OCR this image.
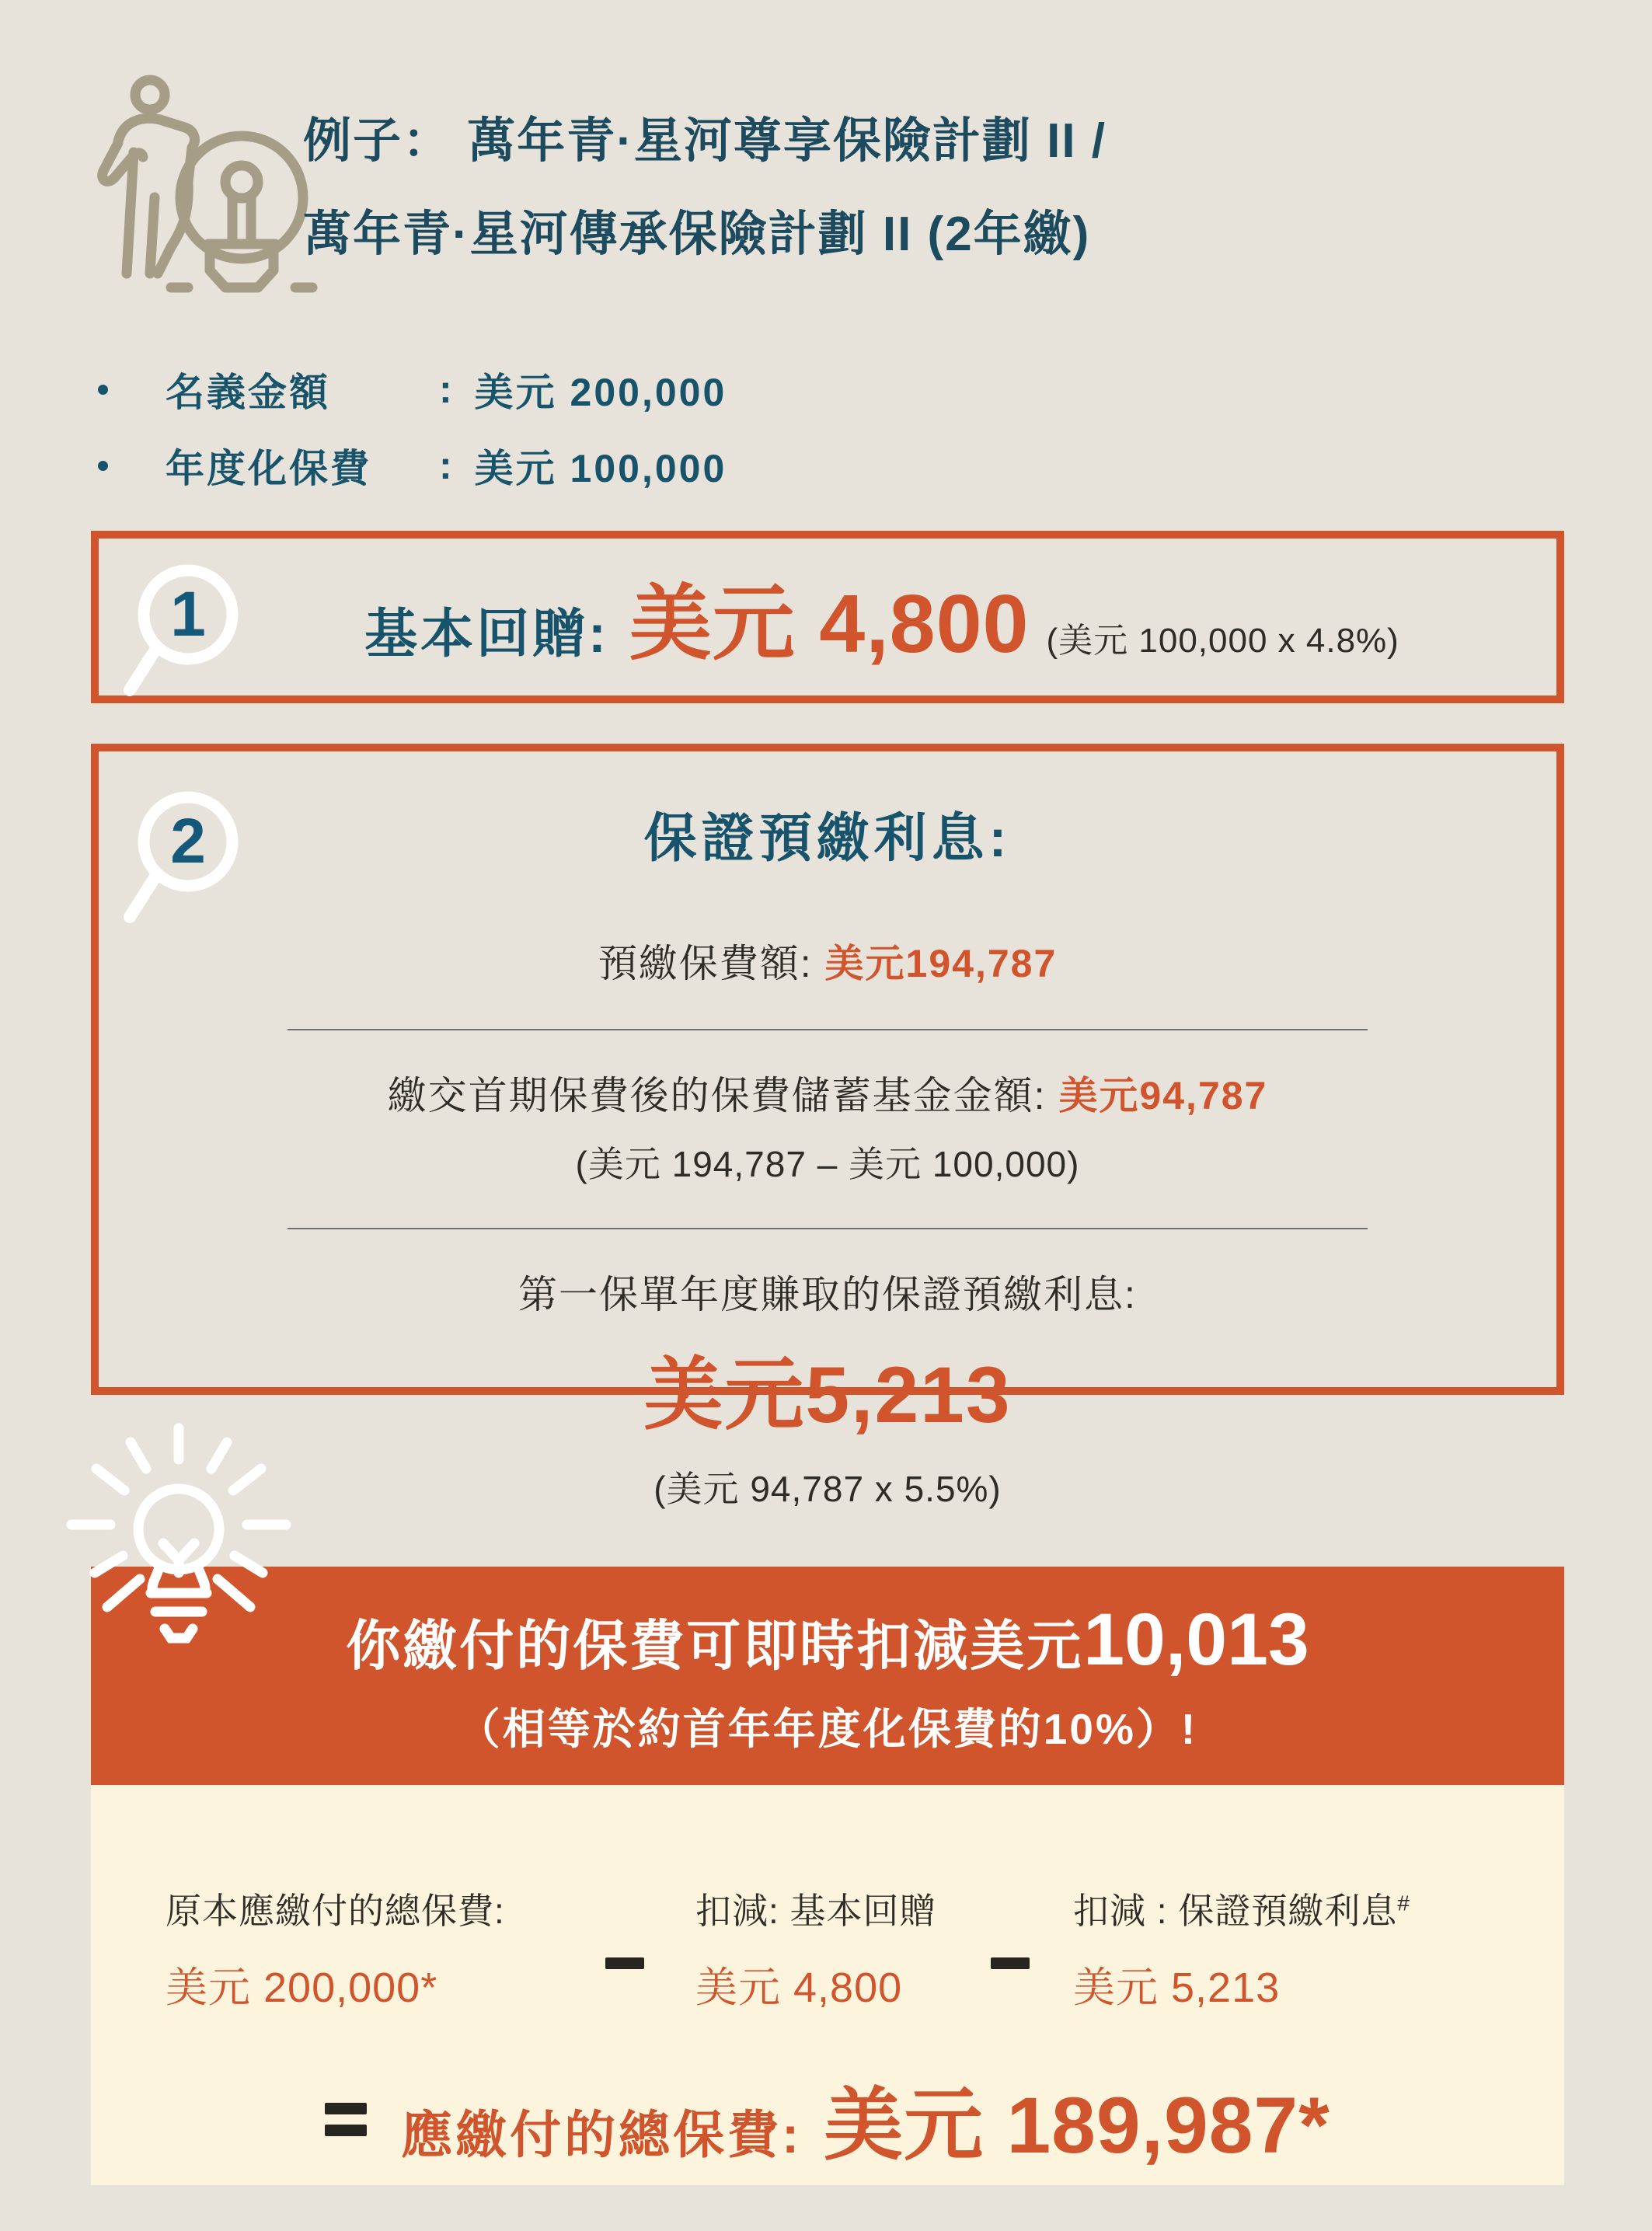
例子： 萬年青·星河尊享保險計劃 II /
萬年青·星河傳承保險計劃 II (2年繳)
名義金額	: 美元 200,000
年度化保費	: 美元 100,000
1	基本回贈: 美元 4,800 (美元 100,000 x 4.8%)
2	保證預繳利息:
預繳保費額: 美元194,787
繳交首期保費後的保費儲蓄基金金額: 美元94,787
(美元 194,787 – 美元 100,000)
第一保單年度賺取的保證預繳利息:
美元5,213
(美元 94,787 x 5.5%)
你繳付的保費可即時扣減美元10,013
（相等於約首年年度化保費的10%）!
原本應繳付的總保費:
美元 200,000*
扣減: 基本回贈
美元 4,800
扣減 : 保證預繳利息#
美元 5,213
應繳付的總保費: 美元 189,987*
